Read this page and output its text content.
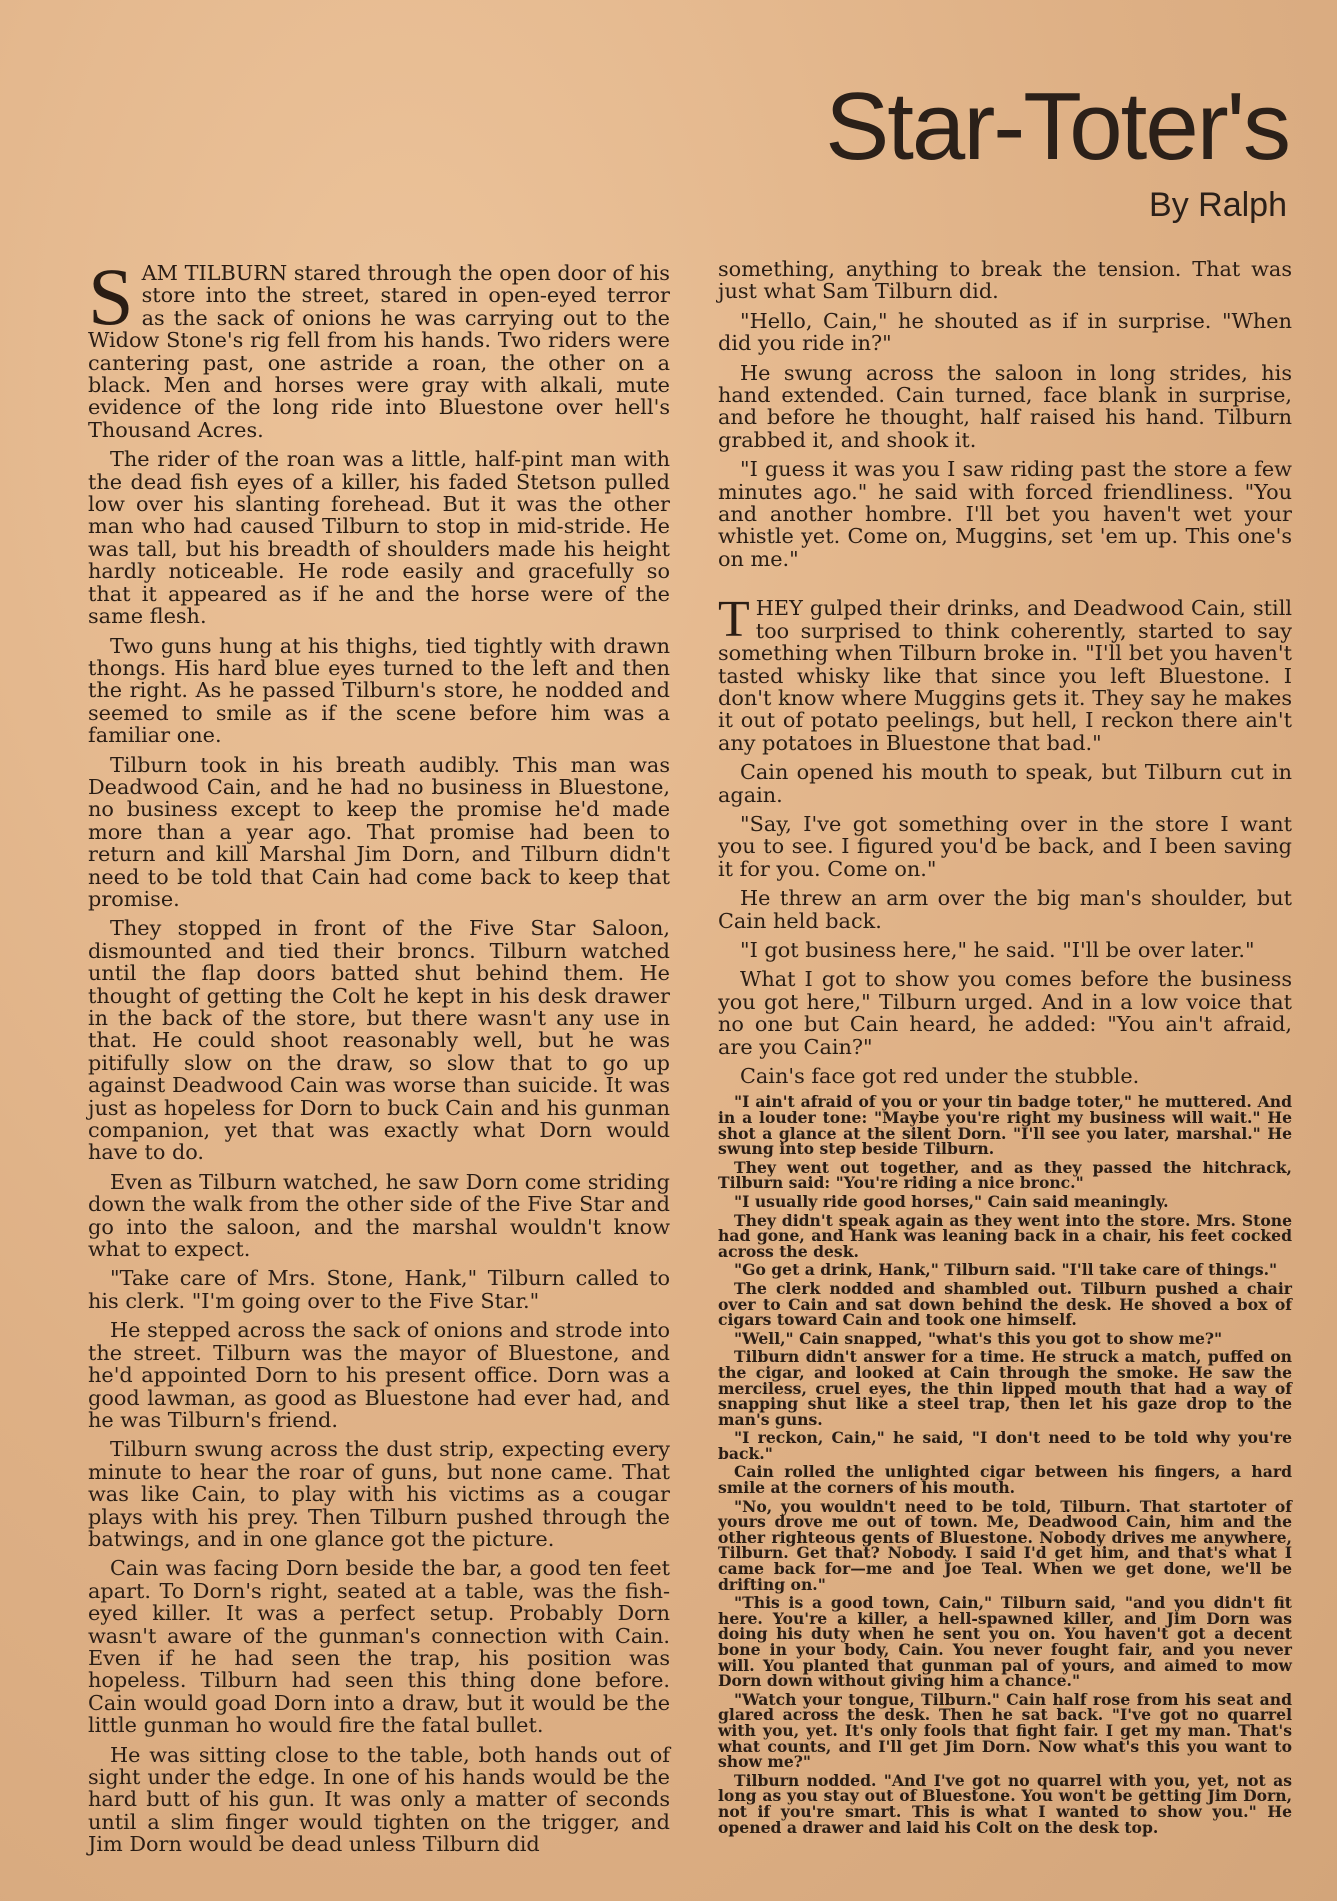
Star-Toter's
By Ralph

SAM TILBURN stared through the open door of his store into the street, stared in open-eyed terror as the sack of onions he was carrying out to the Widow Stone's rig fell from his hands. Two riders were cantering past, one astride a roan, the other on a black. Men and horses were gray with alkali, mute evidence of the long ride into Bluestone over hell's Thousand Acres.

The rider of the roan was a little, half-pint man with the dead fish eyes of a killer, his faded Stetson pulled low over his slanting forehead. But it was the other man who had caused Tilburn to stop in mid-stride. He was tall, but his breadth of shoulders made his height hardly noticeable. He rode easily and gracefully so that it appeared as if he and the horse were of the same flesh.

Two guns hung at his thighs, tied tightly with drawn thongs. His hard blue eyes turned to the left and then the right. As he passed Tilburn's store, he nodded and seemed to smile as if the scene before him was a familiar one.

Tilburn took in his breath audibly. This man was Deadwood Cain, and he had no business in Bluestone, no business except to keep the promise he'd made more than a year ago. That promise had been to return and kill Marshal Jim Dorn, and Tilburn didn't need to be told that Cain had come back to keep that promise.

They stopped in front of the Five Star Saloon, dismounted and tied their broncs. Tilburn watched until the flap doors batted shut behind them. He thought of getting the Colt he kept in his desk drawer in the back of the store, but there wasn't any use in that. He could shoot reasonably well, but he was pitifully slow on the draw, so slow that to go up against Deadwood Cain was worse than suicide. It was just as hopeless for Dorn to buck Cain and his gunman companion, yet that was exactly what Dorn would have to do.

Even as Tilburn watched, he saw Dorn come striding down the walk from the other side of the Five Star and go into the saloon, and the marshal wouldn't know what to expect.

"Take care of Mrs. Stone, Hank," Tilburn called to his clerk. "I'm going over to the Five Star."

He stepped across the sack of onions and strode into the street. Tilburn was the mayor of Bluestone, and he'd appointed Dorn to his present office. Dorn was a good lawman, as good as Bluestone had ever had, and he was Tilburn's friend.

Tilburn swung across the dust strip, expecting every minute to hear the roar of guns, but none came. That was like Cain, to play with his victims as a cougar plays with his prey. Then Tilburn pushed through the batwings, and in one glance got the picture.

Cain was facing Dorn beside the bar, a good ten feet apart. To Dorn's right, seated at a table, was the fish-eyed killer. It was a perfect setup. Probably Dorn wasn't aware of the gunman's connection with Cain. Even if he had seen the trap, his position was hopeless. Tilburn had seen this thing done before. Cain would goad Dorn into a draw, but it would be the little gunman ho would fire the fatal bullet.

He was sitting close to the table, both hands out of sight under the edge. In one of his hands would be the hard butt of his gun. It was only a matter of seconds until a slim finger would tighten on the trigger, and Jim Dorn would be dead unless Tilburn did

something, anything to break the tension. That was just what Sam Tilburn did.

"Hello, Cain," he shouted as if in surprise. "When did you ride in?"

He swung across the saloon in long strides, his hand extended. Cain turned, face blank in surprise, and before he thought, half raised his hand. Tilburn grabbed it, and shook it.

"I guess it was you I saw riding past the store a few minutes ago." he said with forced friendliness. "You and another hombre. I'll bet you haven't wet your whistle yet. Come on, Muggins, set 'em up. This one's on me."

THEY gulped their drinks, and Deadwood Cain, still too surprised to think coherently, started to say something when Tilburn broke in. "I'll bet you haven't tasted whisky like that since you left Bluestone. I don't know where Muggins gets it. They say he makes it out of potato peelings, but hell, I reckon there ain't any potatoes in Bluestone that bad."

Cain opened his mouth to speak, but Tilburn cut in again.

"Say, I've got something over in the store I want you to see. I figured you'd be back, and I been saving it for you. Come on."

He threw an arm over the big man's shoulder, but Cain held back.

"I got business here," he said. "I'll be over later."

What I got to show you comes before the business you got here," Tilburn urged. And in a low voice that no one but Cain heard, he added: "You ain't afraid, are you Cain?"

Cain's face got red under the stubble.

"I ain't afraid of you or your tin badge toter," he muttered. And in a louder tone: "Maybe you're right my business will wait." He shot a glance at the silent Dorn. "I'll see you later, marshal." He swung into step beside Tilburn.

They went out together, and as they passed the hitchrack, Tilburn said: "You're riding a nice bronc."

"I usually ride good horses," Cain said meaningly.

They didn't speak again as they went into the store. Mrs. Stone had gone, and Hank was leaning back in a chair, his feet cocked across the desk.

"Go get a drink, Hank," Tilburn said. "I'll take care of things."

The clerk nodded and shambled out. Tilburn pushed a chair over to Cain and sat down behind the desk. He shoved a box of cigars toward Cain and took one himself.

"Well," Cain snapped, "what's this you got to show me?"

Tilburn didn't answer for a time. He struck a match, puffed on the cigar, and looked at Cain through the smoke. He saw the merciless, cruel eyes, the thin lipped mouth that had a way of snapping shut like a steel trap, then let his gaze drop to the man's guns.

"I reckon, Cain," he said, "I don't need to be told why you're back."

Cain rolled the unlighted cigar between his fingers, a hard smile at the corners of his mouth.

"No, you wouldn't need to be told, Tilburn. That startoter of yours drove me out of town. Me, Deadwood Cain, him and the other righteous gents of Bluestone. Nobody drives me anywhere, Tilburn. Get that? Nobody. I said I'd get him, and that's what I came back for—me and Joe Teal. When we get done, we'll be drifting on."

"This is a good town, Cain," Tilburn said, "and you didn't fit here. You're a killer, a hell-spawned killer, and Jim Dorn was doing his duty when he sent you on. You haven't got a decent bone in your body, Cain. You never fought fair, and you never will. You planted that gunman pal of yours, and aimed to mow Dorn down without giving him a chance."

"Watch your tongue, Tilburn." Cain half rose from his seat and glared across the desk. Then he sat back. "I've got no quarrel with you, yet. It's only fools that fight fair. I get my man. That's what counts, and I'll get Jim Dorn. Now what's this you want to show me?"

Tilburn nodded. "And I've got no quarrel with you, yet, not as long as you stay out of Bluestone. You won't be getting Jim Dorn, not if you're smart. This is what I wanted to show you." He opened a drawer and laid his Colt on the desk top.
